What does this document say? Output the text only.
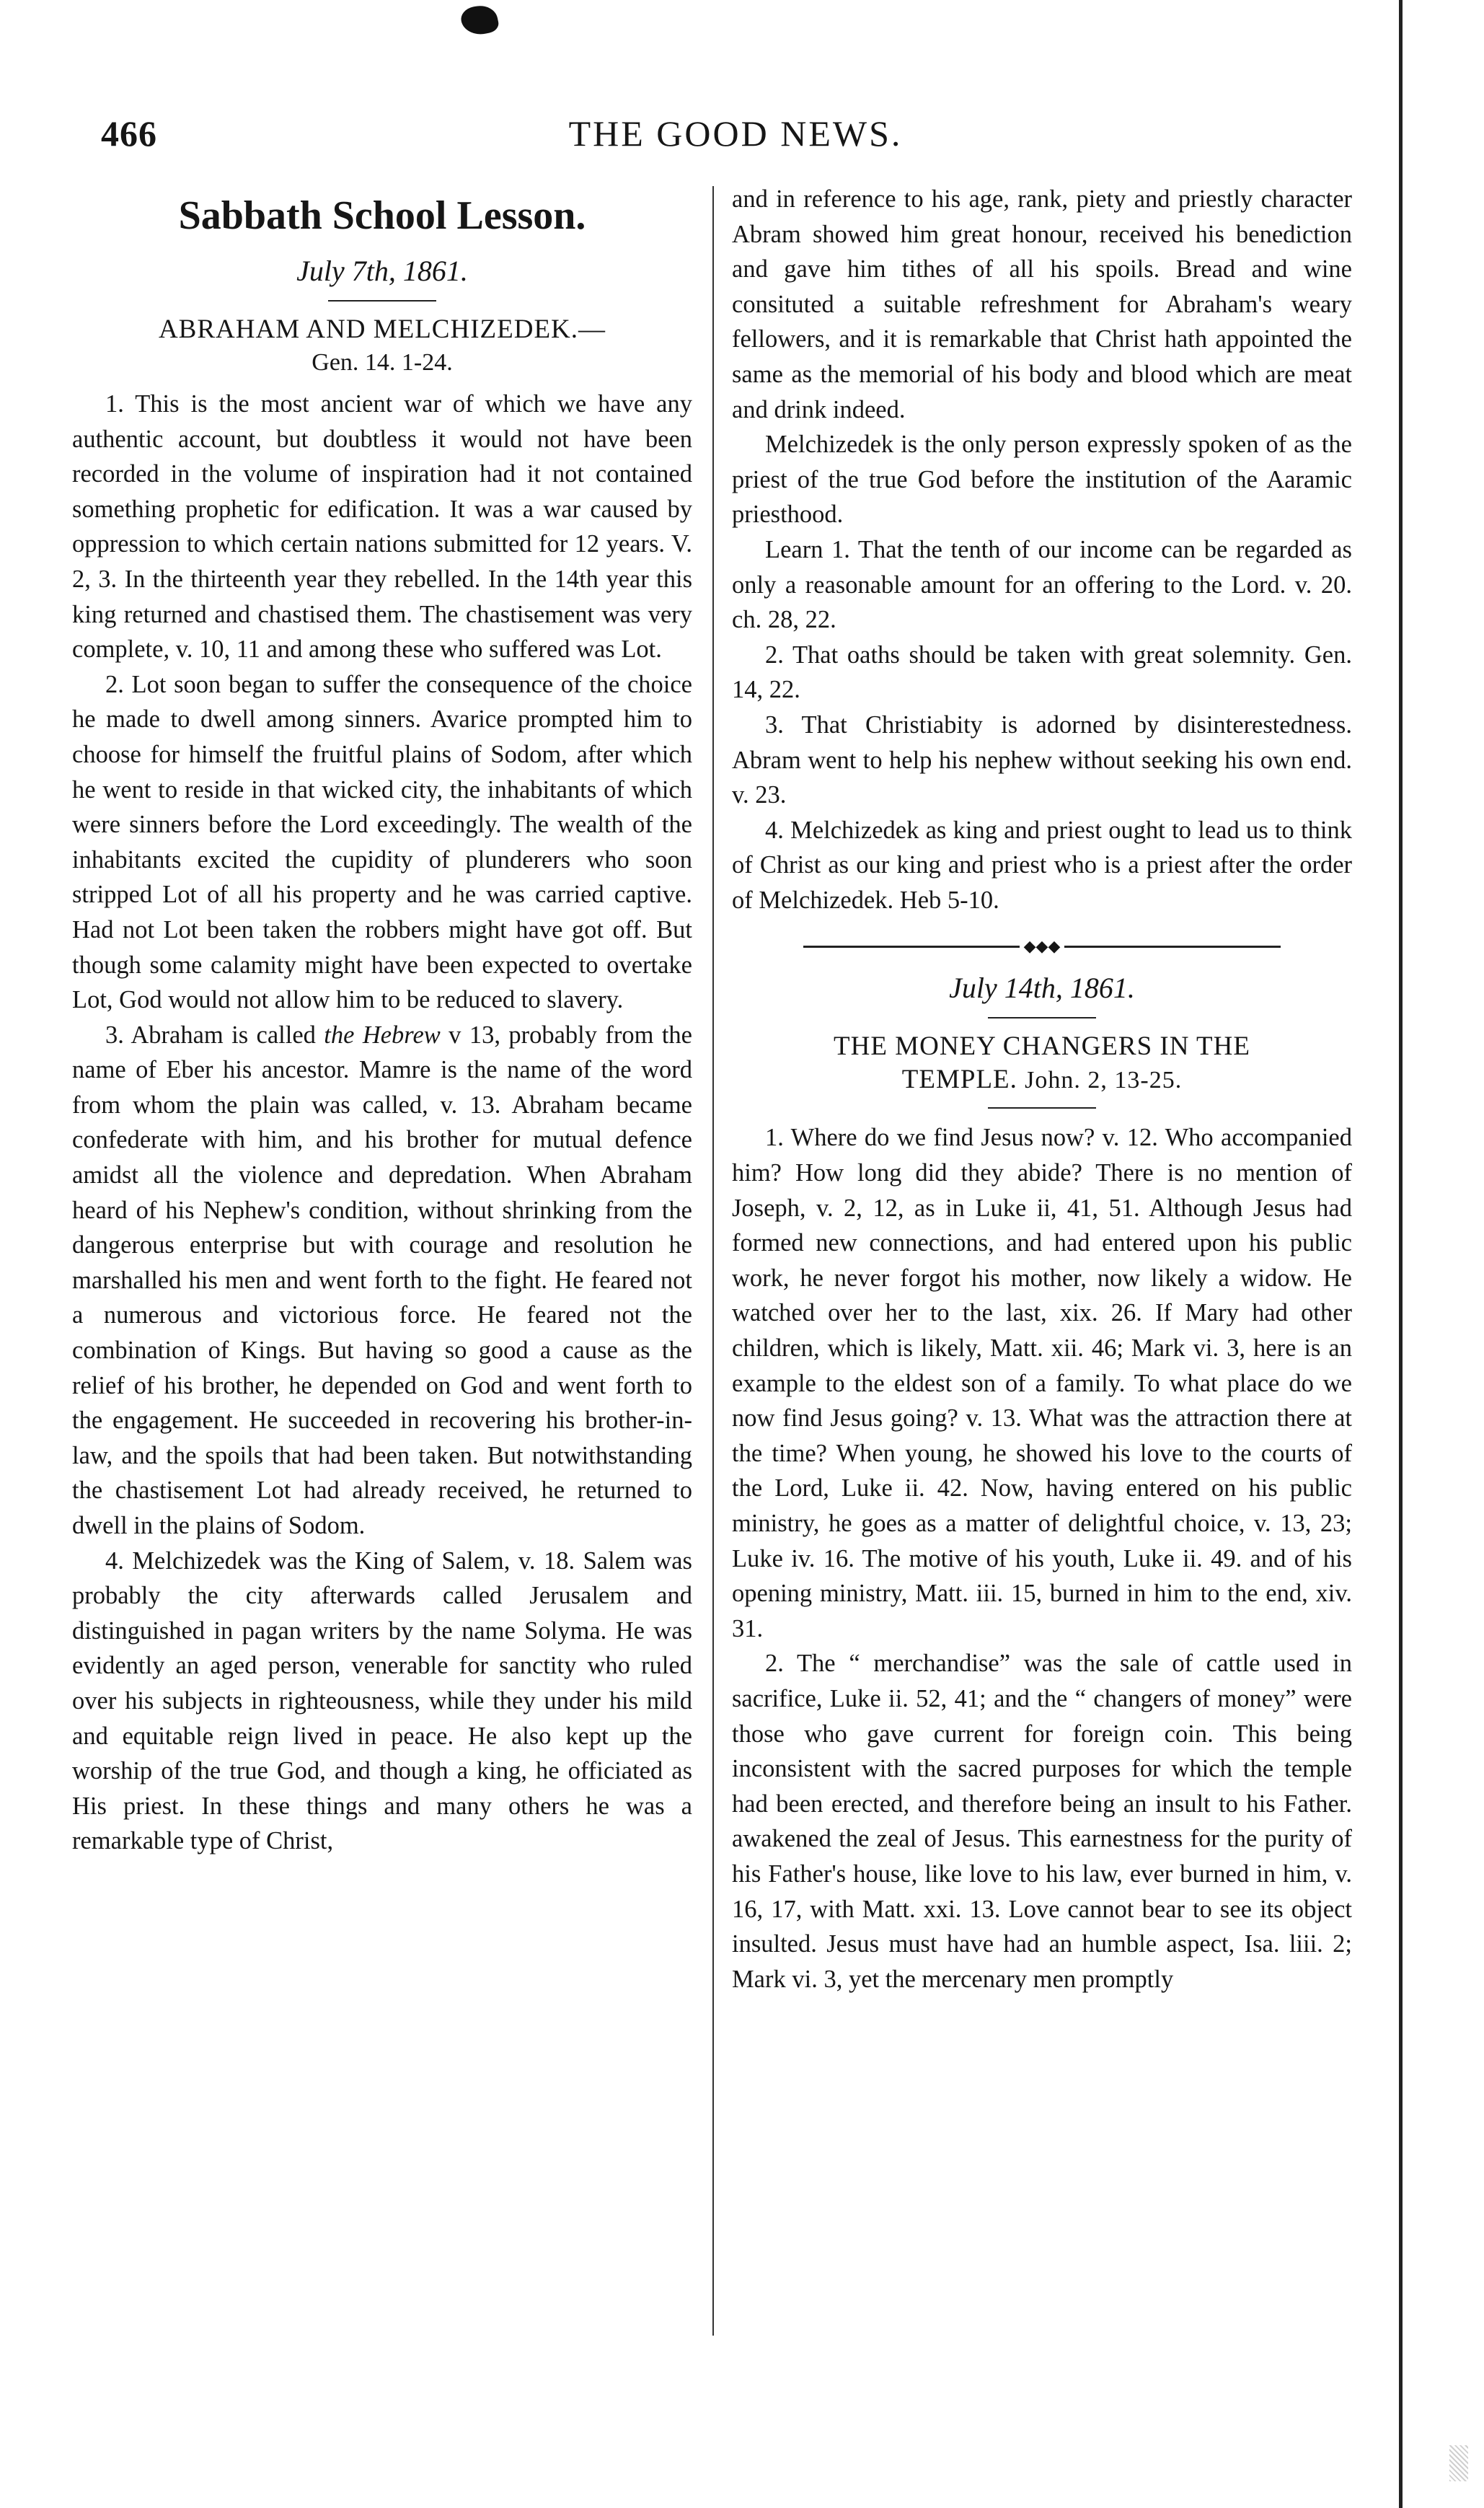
466	THE GOOD NEWS.
Sabbath School Lesson.
July 7th, 1861.
ABRAHAM AND MELCHIZEDEK.—
Gen. 14. 1-24.

1. This is the most ancient war of which we have any authentic account, but doubtless it would not have been recorded in the volume of inspiration had it not contained something prophetic for edification. It was a war caused by oppression to which certain nations submitted for 12 years. V. 2, 3. In the thirteenth year they rebelled. In the 14th year this king returned and chastised them. The chastisement was very complete, v. 10, 11 and among these who suffered was Lot.

2. Lot soon began to suffer the consequence of the choice he made to dwell among sinners. Avarice prompted him to choose for himself the fruitful plains of Sodom, after which he went to reside in that wicked city, the inhabitants of which were sinners before the Lord exceedingly. The wealth of the inhabitants excited the cupidity of plunderers who soon stripped Lot of all his property and he was carried captive. Had not Lot been taken the robbers might have got off. But though some calamity might have been expected to overtake Lot, God would not allow him to be reduced to slavery.

3. Abraham is called the Hebrew v 13, probably from the name of Eber his ancestor. Mamre is the name of the word from whom the plain was called, v. 13. Abraham became confederate with him, and his brother for mutual defence amidst all the violence and depredation. When Abraham heard of his Nephew's condition, without shrinking from the dangerous enterprise but with courage and resolution he marshalled his men and went forth to the fight. He feared not a numerous and victorious force. He feared not the combination of Kings. But having so good a cause as the relief of his brother, he depended on God and went forth to the engagement. He succeeded in recovering his brother-in-law, and the spoils that had been taken. But notwithstanding the chastisement Lot had already received, he returned to dwell in the plains of Sodom.

4. Melchizedek was the King of Salem, v. 18. Salem was probably the city afterwards called Jerusalem and distinguished in pagan writers by the name Solyma. He was evidently an aged person, venerable for sanctity who ruled over his subjects in righteousness, while they under his mild and equitable reign lived in peace. He also kept up the worship of the true God, and though a king, he officiated as His priest. In these things and many others he was a remarkable type of Christ,

and in reference to his age, rank, piety and priestly character Abram showed him great honour, received his benediction and gave him tithes of all his spoils. Bread and wine consituted a suitable refreshment for Abraham's weary fellowers, and it is remarkable that Christ hath appointed the same as the memorial of his body and blood which are meat and drink indeed.

Melchizedek is the only person expressly spoken of as the priest of the true God before the institution of the Aaramic priesthood.

Learn 1. That the tenth of our income can be regarded as only a reasonable amount for an offering to the Lord. v. 20. ch. 28, 22.

2. That oaths should be taken with great solemnity. Gen. 14, 22.

3. That Christiabity is adorned by disinterestedness. Abram went to help his nephew without seeking his own end. v. 23.

4. Melchizedek as king and priest ought to lead us to think of Christ as our king and priest who is a priest after the order of Melchizedek. Heb 5-10.

◆◆◆
July 14th, 1861.
THE MONEY CHANGERS IN THE
TEMPLE. John. 2, 13-25.

1. Where do we find Jesus now? v. 12. Who accompanied him? How long did they abide? There is no mention of Joseph, v. 2, 12, as in Luke ii, 41, 51. Although Jesus had formed new connections, and had entered upon his public work, he never forgot his mother, now likely a widow. He watched over her to the last, xix. 26. If Mary had other children, which is likely, Matt. xii. 46; Mark vi. 3, here is an example to the eldest son of a family. To what place do we now find Jesus going? v. 13. What was the attraction there at the time? When young, he showed his love to the courts of the Lord, Luke ii. 42. Now, having entered on his public ministry, he goes as a matter of delightful choice, v. 13, 23; Luke iv. 16. The motive of his youth, Luke ii. 49. and of his opening ministry, Matt. iii. 15, burned in him to the end, xiv. 31.

2. The “ merchandise” was the sale of cattle used in sacrifice, Luke ii. 52, 41; and the “ changers of money” were those who gave current for foreign coin. This being inconsistent with the sacred purposes for which the temple had been erected, and therefore being an insult to his Father. awakened the zeal of Jesus. This earnestness for the purity of his Father's house, like love to his law, ever burned in him, v. 16, 17, with Matt. xxi. 13. Love cannot bear to see its object insulted. Jesus must have had an humble aspect, Isa. liii. 2; Mark vi. 3, yet the mercenary men promptly
